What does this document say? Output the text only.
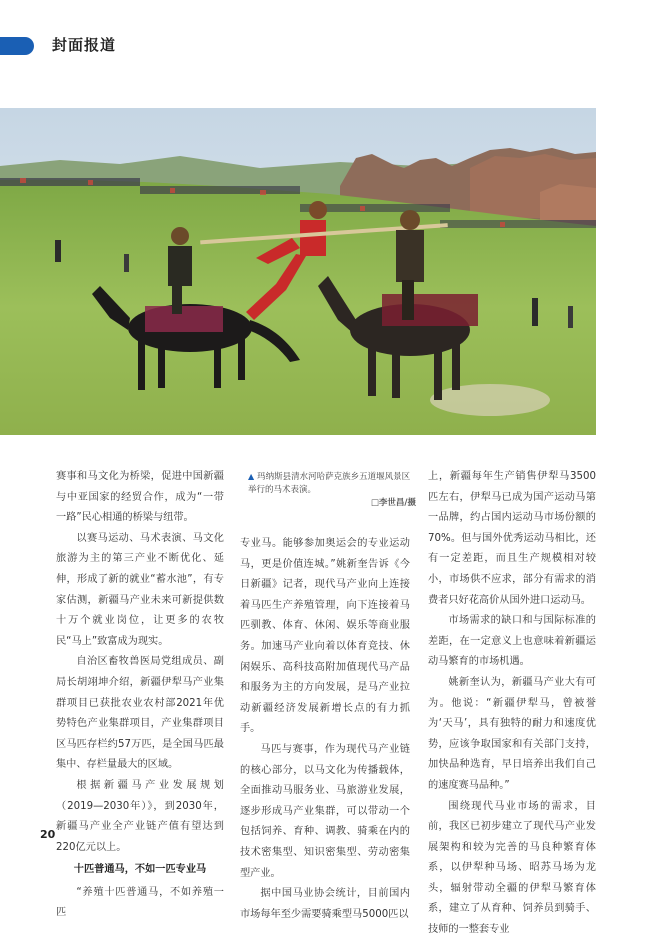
封面报道
▲ 玛纳斯县清水河哈萨克族乡五道堰风景区举行的马术表演。
□李世昌/摄

赛事和马文化为桥梁，促进中国新疆与中亚国家的经贸合作，成为“一带一路”民心相通的桥梁与纽带。

以赛马运动、马术表演、马文化旅游为主的第三产业不断优化、延伸，形成了新的就业“蓄水池”，有专家估测，新疆马产业未来可新提供数十万个就业岗位，让更多的农牧民“马上”致富成为现实。

自治区畜牧兽医局党组成员、副局长胡翊坤介绍，新疆伊犁马产业集群项目已获批农业农村部2021年优势特色产业集群项目，产业集群项目区马匹存栏约57万匹，是全国马匹最集中、存栏量最大的区域。

根据新疆马产业发展规划（2019—2030年）》，到2030年，新疆马产业全产业链产值有望达到220亿元以上。

十匹普通马，不如一匹专业马

“养殖十匹普通马，不如养殖一匹

专业马。能够参加奥运会的专业运动马，更是价值连城。”姚新奎告诉《今日新疆》记者，现代马产业向上连接着马匹生产养殖管理，向下连接着马匹驯教、体育、休闲、娱乐等商业服务。加速马产业向着以体育竞技、休闲娱乐、高科技高附加值现代马产品和服务为主的方向发展，是马产业拉动新疆经济发展新增长点的有力抓手。

马匹与赛事，作为现代马产业链的核心部分，以马文化为传播载体，全面推动马服务业、马旅游业发展，逐步形成马产业集群，可以带动一个包括饲养、育种、调教、骑乘在内的技术密集型、知识密集型、劳动密集型产业。

据中国马业协会统计，目前国内市场每年至少需要骑乘型马5000匹以

上，新疆每年生产销售伊犁马3500匹左右，伊犁马已成为国产运动马第一品牌，约占国内运动马市场份额的70%。但与国外优秀运动马相比，还有一定差距，而且生产规模相对较小，市场供不应求，部分有需求的消费者只好花高价从国外进口运动马。

市场需求的缺口和与国际标准的差距，在一定意义上也意味着新疆运动马繁育的市场机遇。

姚新奎认为，新疆马产业大有可为。他说：“新疆伊犁马，曾被誉为‘天马’，具有独特的耐力和速度优势，应该争取国家和有关部门支持，加快品种选育，早日培养出我们自己的速度赛马品种。”

围绕现代马业市场的需求，目前，我区已初步建立了现代马产业发展架构和较为完善的马良种繁育体系，以伊犁种马场、昭苏马场为龙头，辐射带动全疆的伊犁马繁育体系，建立了从育种、饲养员到骑手、技师的一整套专业

20
